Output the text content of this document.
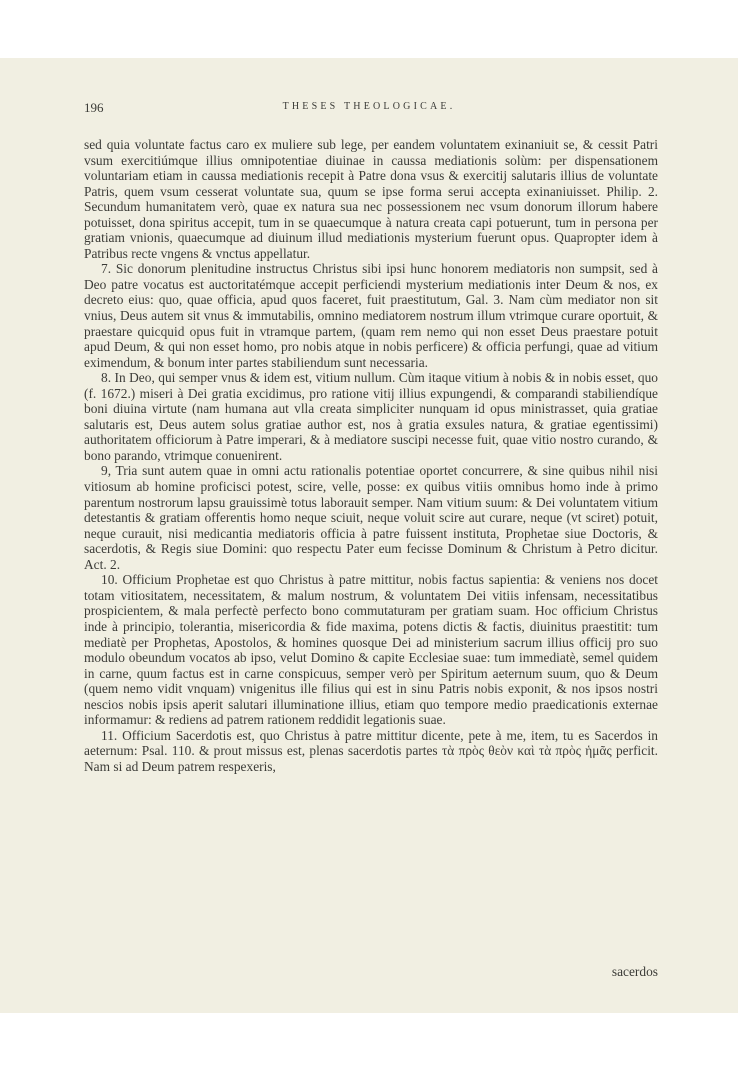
196	THESES THEOLOGICAE.

sed quia voluntate factus caro ex muliere sub lege, per eandem voluntatem exinaniuit se, & cessit Patri vsum exercitiúmque illius omnipotentiae diuinae in caussa mediationis solùm: per dispensationem voluntariam etiam in caussa mediationis recepit à Patre dona vsus & exercitij salutaris illius de voluntate Patris, quem vsum cesserat voluntate sua, quum se ipse forma serui accepta exinaniuisset. Philip. 2. Secundum humanitatem verò, quae ex natura sua nec possessionem nec vsum donorum illorum habere potuisset, dona spiritus accepit, tum in se quaecumque à natura creata capi potuerunt, tum in persona per gratiam vnionis, quaecumque ad diuinum illud mediationis mysterium fuerunt opus. Quapropter idem à Patribus recte vngens & vnctus appellatur.

7. Sic donorum plenitudine instructus Christus sibi ipsi hunc honorem mediatoris non sumpsit, sed à Deo patre vocatus est auctoritatémque accepit perficiendi mysterium mediationis inter Deum & nos, ex decreto eius: quo, quae officia, apud quos faceret, fuit praestitutum, Gal. 3. Nam cùm mediator non sit vnius, Deus autem sit vnus & immutabilis, omnino mediatorem nostrum illum vtrimque curare oportuit, & praestare quicquid opus fuit in vtramque partem, (quam rem nemo qui non esset Deus praestare potuit apud Deum, & qui non esset homo, pro nobis atque in nobis perficere) & officia perfungi, quae ad vitium eximendum, & bonum inter partes stabiliendum sunt necessaria.

8. In Deo, qui semper vnus & idem est, vitium nullum. Cùm itaque vitium à nobis & in nobis esset, quo (f. 1672.) miseri à Dei gratia excidimus, pro ratione vitij illius expungendi, & comparandi stabiliendíque boni diuina virtute (nam humana aut vlla creata simpliciter nunquam id opus ministrasset, quia gratiae salutaris est, Deus autem solus gratiae author est, nos à gratia exsules natura, & gratiae egentissimi) authoritatem officiorum à Patre imperari, & à mediatore suscipi necesse fuit, quae vitio nostro curando, & bono parando, vtrimque conuenirent.

9, Tria sunt autem quae in omni actu rationalis potentiae oportet concurrere, & sine quibus nihil nisi vitiosum ab homine proficisci potest, scire, velle, posse: ex quibus vitiis omnibus homo inde à primo parentum nostrorum lapsu grauissimè totus laborauit semper. Nam vitium suum: & Dei voluntatem vitium detestantis & gratiam offerentis homo neque sciuit, neque voluit scire aut curare, neque (vt sciret) potuit, neque curauit, nisi medicantia mediatoris officia à patre fuissent instituta, Prophetae siue Doctoris, & sacerdotis, & Regis siue Domini: quo respectu Pater eum fecisse Dominum & Christum à Petro dicitur. Act. 2.

10. Officium Prophetae est quo Christus à patre mittitur, nobis factus sapientia: & veniens nos docet totam vitiositatem, necessitatem, & malum nostrum, & voluntatem Dei vitiis infensam, necessitatibus prospicientem, & mala perfectè perfecto bono commutaturam per gratiam suam. Hoc officium Christus inde à principio, tolerantia, misericordia & fide maxima, potens dictis & factis, diuinitus praestitit: tum mediatè per Prophetas, Apostolos, & homines quosque Dei ad ministerium sacrum illius officij pro suo modulo obeundum vocatos ab ipso, velut Domino & capite Ecclesiae suae: tum immediatè, semel quidem in carne, quum factus est in carne conspicuus, semper verò per Spiritum aeternum suum, quo & Deum (quem nemo vidit vnquam) vnigenitus ille filius qui est in sinu Patris nobis exponit, & nos ipsos nostri nescios nobis ipsis aperit salutari illuminatione illius, etiam quo tempore medio praedicationis externae informamur: & rediens ad patrem rationem reddidit legationis suae.

11. Officium Sacerdotis est, quo Christus à patre mittitur dicente, pete à me, item, tu es Sacerdos in aeternum: Psal. 110. & prout missus est, plenas sacerdotis partes τὰ πρὸς θεὸν καὶ τὰ πρὸς ἡμᾶς perficit. Nam si ad Deum patrem respexeris,

sacerdos
